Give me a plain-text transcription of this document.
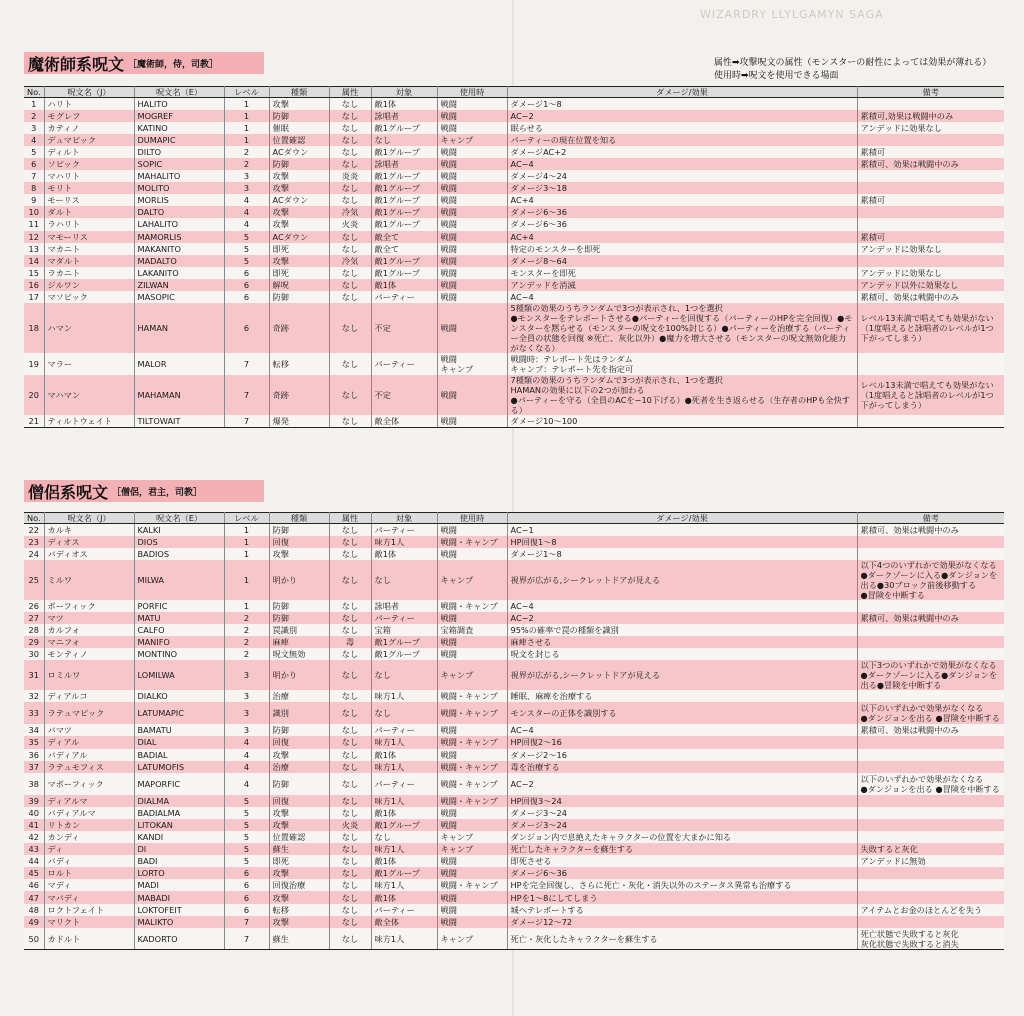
WIZARDRY LLYLGAMYN SAGA
魔術師系呪文 ［魔術師，侍，司教］	属性➡攻撃呪文の属性（モンスターの耐性によっては効果が薄れる）
使用時➡呪文を使用できる場面
No.	呪文名（J）	呪文名（E）	レベル	種類	属性	対象	使用時	ダメージ/効果	備考
1	ハリト	HALITO	1	攻撃	なし	敵1体	戦闘	ダメージ1～8	
2	モグレフ	MOGREF	1	防御	なし	詠唱者	戦闘	AC−2	累積可,効果は戦闘中のみ
3	カティノ	KATINO	1	催眠	なし	敵1グループ	戦闘	眠らせる	アンデッドに効果なし
4	デュマピック	DUMAPIC	1	位置確認	なし	なし	キャンプ	パーティーの現在位置を知る	
5	ディルト	DILTO	2	ACダウン	なし	敵1グループ	戦闘	ダメージAC+2	累積可
6	ソピック	SOPIC	2	防御	なし	詠唱者	戦闘	AC−4	累積可、効果は戦闘中のみ
7	マハリト	MAHALITO	3	攻撃	炎炎	敵1グループ	戦闘	ダメージ4～24	
8	モリト	MOLITO	3	攻撃	なし	敵1グループ	戦闘	ダメージ3～18	
9	モーリス	MORLIS	4	ACダウン	なし	敵1グループ	戦闘	AC+4	累積可
10	ダルト	DALTO	4	攻撃	冷気	敵1グループ	戦闘	ダメージ6～36	
11	ラハリト	LAHALITO	4	攻撃	火炎	敵1グループ	戦闘	ダメージ6～36	
12	マモーリス	MAMORLIS	5	ACダウン	なし	敵全て	戦闘	AC+4	累積可
13	マカニト	MAKANITO	5	即死	なし	敵全て	戦闘	特定のモンスターを即死	アンデッドに効果なし
14	マダルト	MADALTO	5	攻撃	冷気	敵1グループ	戦闘	ダメージ8～64	
15	ラカニト	LAKANITO	6	即死	なし	敵1グループ	戦闘	モンスターを即死	アンデッドに効果なし
16	ジルワン	ZILWAN	6	解呪	なし	敵1体	戦闘	アンデッドを消滅	アンデッド以外に効果なし
17	マソピック	MASOPIC	6	防御	なし	パーティー	戦闘	AC−4	累積可、効果は戦闘中のみ
18	ハマン	HAMAN	6	奇跡	なし	不定	戦闘	5種類の効果のうちランダムで3つが表示され、1つを選択
●モンスターをテレポートさせる●パーティーを回復する（パーティーのHPを完全回復）●モンスターを黙らせる（モンスターの呪文を100%封じる）●パーティーを治療する（パーティー全員の状態を回復 ※死亡、灰化以外）●魔力を増大させる（モンスターの呪文無効化能力がなくなる）	レベル13未満で唱えても効果がない
（1度唱えると詠唱者のレベルが1つ下がってしまう）
19	マラー	MALOR	7	転移	なし	パーティー	戦闘
キャンプ	戦闘時：テレポート先はランダム
キャンプ：テレポート先を指定可	
20	マハマン	MAHAMAN	7	奇跡	なし	不定	戦闘	7種類の効果のうちランダムで3つが表示され、1つを選択
HAMANの効果に以下の2つが加わる
●パーティーを守る（全員のACを−10下げる）●死者を生き返らせる（生存者のHPも全快する）	レベル13未満で唱えても効果がない
（1度唱えると詠唱者のレベルが1つ下がってしまう）
21	ティルトウェイト	TILTOWAIT	7	爆発	なし	敵全体	戦闘	ダメージ10～100	
僧侶系呪文 ［僧侶，君主，司教］
No.	呪文名（J）	呪文名（E）	レベル	種類	属性	対象	使用時	ダメージ/効果	備考
22	カルキ	KALKI	1	防御	なし	パーティー	戦闘	AC−1	累積可、効果は戦闘中のみ
23	ディオス	DIOS	1	回復	なし	味方1人	戦闘・キャンプ	HP回復1～8	
24	バディオス	BADIOS	1	攻撃	なし	敵1体	戦闘	ダメージ1～8	
25	ミルワ	MILWA	1	明かり	なし	なし	キャンプ	視界が広がる,シークレットドアが見える	以下4つのいずれかで効果がなくなる
●ダークゾーンに入る●ダンジョンを出る●30ブロック前後移動する
●冒険を中断する
26	ポーフィック	PORFIC	1	防御	なし	詠唱者	戦闘・キャンプ	AC−4	
27	マツ	MATU	2	防御	なし	パーティー	戦闘	AC−2	累積可、効果は戦闘中のみ
28	カルフォ	CALFO	2	罠識別	なし	宝箱	宝箱調査	95%の確率で罠の種類を識別	
29	マニフォ	MANIFO	2	麻痺	毒	敵1グループ	戦闘	麻痺させる	
30	モンティノ	MONTINO	2	呪文無効	なし	敵1グループ	戦闘	呪文を封じる	
31	ロミルワ	LOMILWA	3	明かり	なし	なし	キャンプ	視界が広がる,シークレットドアが見える	以下3つのいずれかで効果がなくなる
●ダークゾーンに入る●ダンジョンを出る●冒険を中断する
32	ディアルコ	DIALKO	3	治療	なし	味方1人	戦闘・キャンプ	睡眠、麻痺を治療する	
33	ラテュマピック	LATUMAPIC	3	識別	なし	なし	戦闘・キャンプ	モンスターの正体を識別する	以下のいずれかで効果がなくなる
●ダンジョンを出る ●冒険を中断する
34	バマツ	BAMATU	3	防御	なし	パーティー	戦闘	AC−4	累積可、効果は戦闘中のみ
35	ディアル	DIAL	4	回復	なし	味方1人	戦闘・キャンプ	HP回復2～16	
36	バディアル	BADIAL	4	攻撃	なし	敵1体	戦闘	ダメージ2～16	
37	ラテュモフィス	LATUMOFIS	4	治療	なし	味方1人	戦闘・キャンプ	毒を治療する	
38	マポーフィック	MAPORFIC	4	防御	なし	パーティー	戦闘・キャンプ	AC−2	以下のいずれかで効果がなくなる
●ダンジョンを出る ●冒険を中断する
39	ディアルマ	DIALMA	5	回復	なし	味方1人	戦闘・キャンプ	HP回復3～24	
40	バディアルマ	BADIALMA	5	攻撃	なし	敵1体	戦闘	ダメージ3～24	
41	リトカン	LITOKAN	5	攻撃	火炎	敵1グループ	戦闘	ダメージ3～24	
42	カンディ	KANDI	5	位置確認	なし	なし	キャンプ	ダンジョン内で息絶えたキャラクターの位置を大まかに知る	
43	ディ	DI	5	蘇生	なし	味方1人	キャンプ	死亡したキャラクターを蘇生する	失敗すると灰化
44	バディ	BADI	5	即死	なし	敵1体	戦闘	即死させる	アンデッドに無効
45	ロルト	LORTO	6	攻撃	なし	敵1グループ	戦闘	ダメージ6～36	
46	マディ	MADI	6	回復治療	なし	味方1人	戦闘・キャンプ	HPを完全回復し、さらに死亡・灰化・消失以外のステータス異常も治療する	
47	マバディ	MABADI	6	攻撃	なし	敵1体	戦闘	HPを1～8にしてしまう	
48	ロクトフェイト	LOKTOFEIT	6	転移	なし	パーティー	戦闘	城へテレポートする	アイテムとお金のほとんどを失う
49	マリクト	MALIKTO	7	攻撃	なし	敵全体	戦闘	ダメージ12～72	
50	カドルト	KADORTO	7	蘇生	なし	味方1人	キャンプ	死亡・灰化したキャラクターを蘇生する	死亡状態で失敗すると灰化
灰化状態で失敗すると消失
